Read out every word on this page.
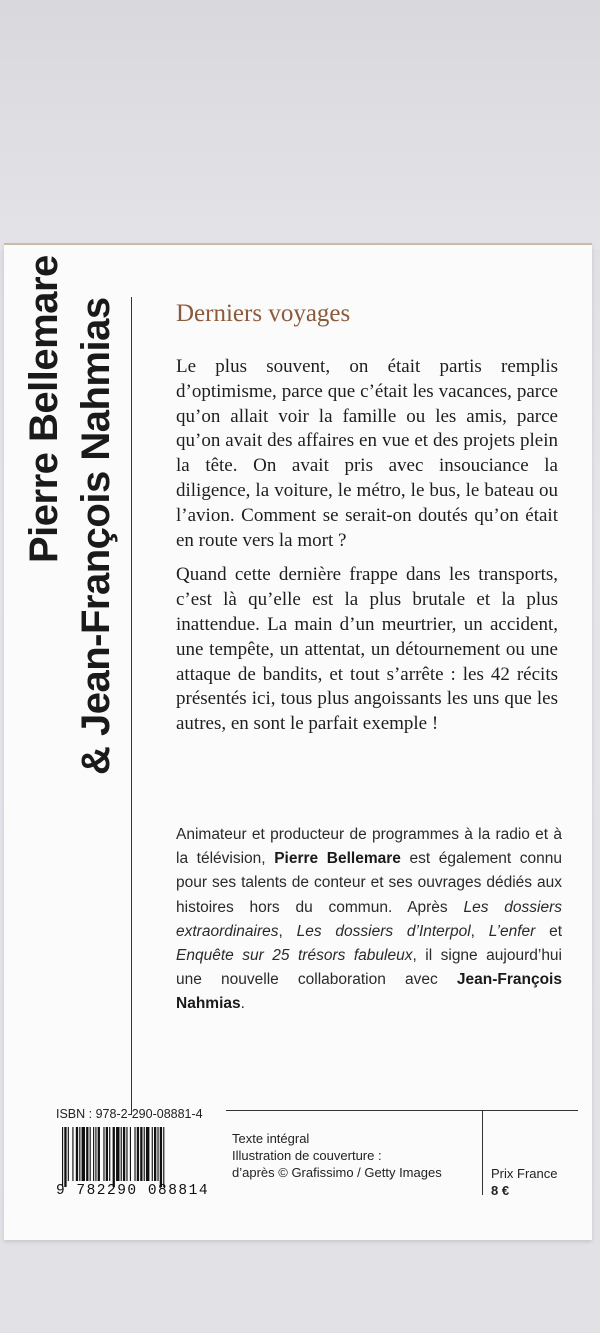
Pierre Bellemare & Jean-François Nahmias Derniers voyages

Le plus souvent, on était partis remplis d’optimisme, parce que c’était les vacances, parce qu’on allait voir la famille ou les amis, parce qu’on avait des affaires en vue et des projets plein la tête. On avait pris avec insouciance la diligence, la voiture, le métro, le bus, le bateau ou l’avion. Comment se serait-on doutés qu’on était en route vers la mort ?

Quand cette dernière frappe dans les transports, c’est là qu’elle est la plus brutale et la plus inattendue. La main d’un meurtrier, un accident, une tempête, un attentat, un détournement ou une attaque de bandits, et tout s’arrête : les 42 récits présentés ici, tous plus angoissants les uns que les autres, en sont le parfait exemple !

Animateur et producteur de programmes à la radio et à la télévision, Pierre Bellemare est également connu pour ses talents de conteur et ses ouvrages dédiés aux histoires hors du commun. Après Les dossiers extraordinaires, Les dossiers d’Interpol, L’enfer et Enquête sur 25 trésors fabuleux, il signe aujourd’hui une nouvelle collaboration avec Jean-François Nahmias.
ISBN : 978-2-290-08881-4
9 782290 088814
Texte intégral
Illustration de couverture :
d’après © Grafissimo / Getty Images	Prix France
8 €
